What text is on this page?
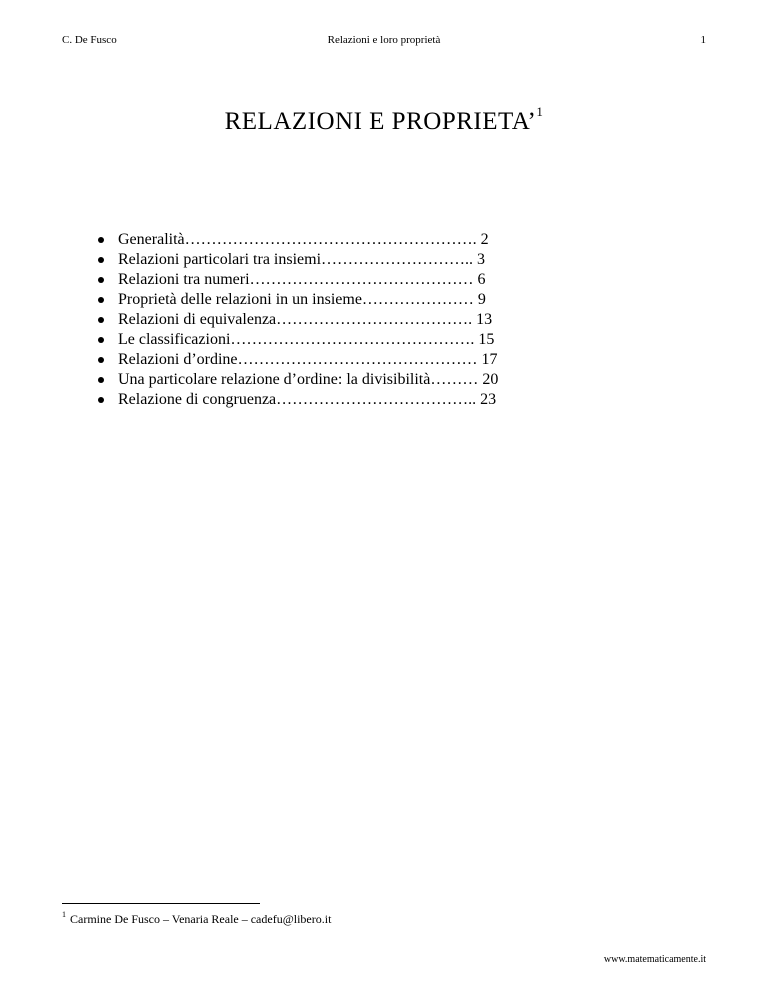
C. De Fusco	Relazioni e loro proprietà	1
RELAZIONI E PROPRIETA’$^1$
Generalità………………………………………………. 2
Relazioni particolari tra insiemi……………………….. 3
Relazioni tra numeri…………………………………… 6
Proprietà delle relazioni in un insieme………………… 9
Relazioni di equivalenza………………………………. 13
Le classificazioni………………………………………. 15
Relazioni d’ordine……………………………………… 17
Una particolare relazione d’ordine: la divisibilità……… 20
Relazione di congruenza……………………………….. 23
$^1$ Carmine De Fusco – Venaria Reale – cadefu@libero.it
www.matematicamente.it
